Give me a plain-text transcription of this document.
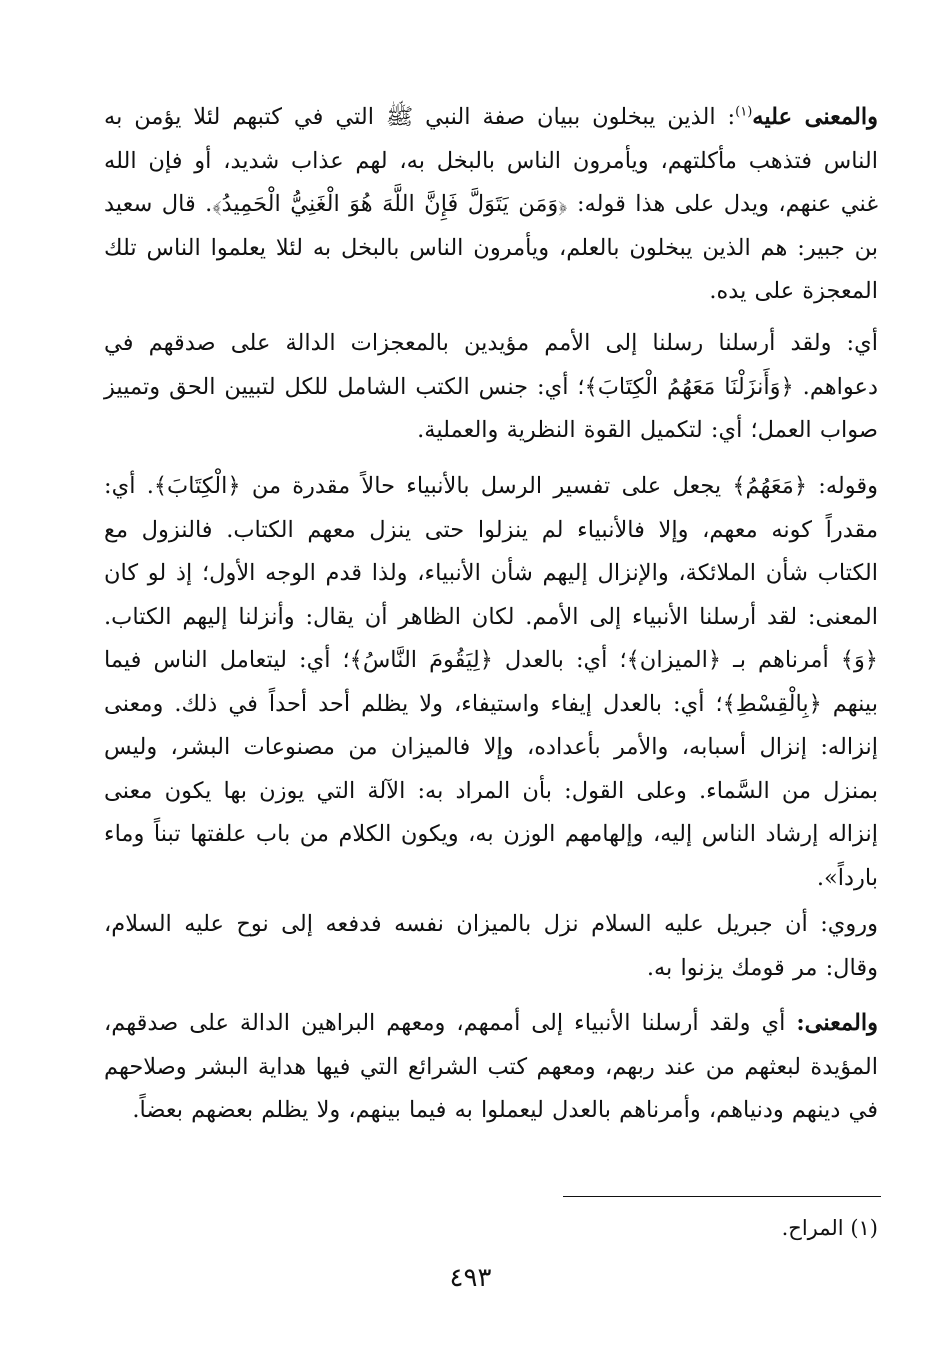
والمعنى عليه$^{(١)}$: الذين يبخلون ببيان صفة النبي ﷺ التي في كتبهم لئلا يؤمن به الناس فتذهب مأكلتهم، ويأمرون الناس بالبخل به، لهم عذاب شديد، أو فإن الله غني عنهم، ويدل على هذا قوله: ﴿وَمَن يَتَوَلَّ فَإِنَّ اللَّهَ هُوَ الْغَنِيُّ الْحَمِيدُ﴾. قال سعيد بن جبير: هم الذين يبخلون بالعلم، ويأمرون الناس بالبخل به لئلا يعلموا الناس تلك المعجزة على يده.

أي: ولقد أرسلنا رسلنا إلى الأمم مؤيدين بالمعجزات الدالة على صدقهم في دعواهم. ﴿وَأَنزَلْنَا مَعَهُمُ الْكِتَابَ﴾؛ أي: جنس الكتب الشامل للكل لتبيين الحق وتمييز صواب العمل؛ أي: لتكميل القوة النظرية والعملية.

وقوله: ﴿مَعَهُمُ﴾ يجعل على تفسير الرسل بالأنبياء حالاً مقدرة من ﴿الْكِتَابَ﴾. أي: مقدراً كونه معهم، وإلا فالأنبياء لم ينزلوا حتى ينزل معهم الكتاب. فالنزول مع الكتاب شأن الملائكة، والإنزال إليهم شأن الأنبياء، ولذا قدم الوجه الأول؛ إذ لو كان المعنى: لقد أرسلنا الأنبياء إلى الأمم. لكان الظاهر أن يقال: وأنزلنا إليهم الكتاب. ﴿وَ﴾ أمرناهم بـ ﴿الميزان﴾؛ أي: بالعدل ﴿لِيَقُومَ النَّاسُ﴾؛ أي: ليتعامل الناس فيما بينهم ﴿بِالْقِسْطِ﴾؛ أي: بالعدل إيفاء واستيفاء، ولا يظلم أحد أحداً في ذلك. ومعنى إنزاله: إنزال أسبابه، والأمر بأعداده، وإلا فالميزان من مصنوعات البشر، وليس بمنزل من السَّماء. وعلى القول: بأن المراد به: الآلة التي يوزن بها يكون معنى إنزاله إرشاد الناس إليه، وإلهامهم الوزن به، ويكون الكلام من باب علفتها تبناً وماء بارداً».

وروي: أن جبريل عليه السلام نزل بالميزان نفسه فدفعه إلى نوح عليه السلام، وقال: مر قومك يزنوا به.

والمعنى: أي ولقد أرسلنا الأنبياء إلى أممهم، ومعهم البراهين الدالة على صدقهم، المؤيدة لبعثهم من عند ربهم، ومعهم كتب الشرائع التي فيها هداية البشر وصلاحهم في دينهم ودنياهم، وأمرناهم بالعدل ليعملوا به فيما بينهم، ولا يظلم بعضهم بعضاً.

(١) المراح.

٤٩٣
